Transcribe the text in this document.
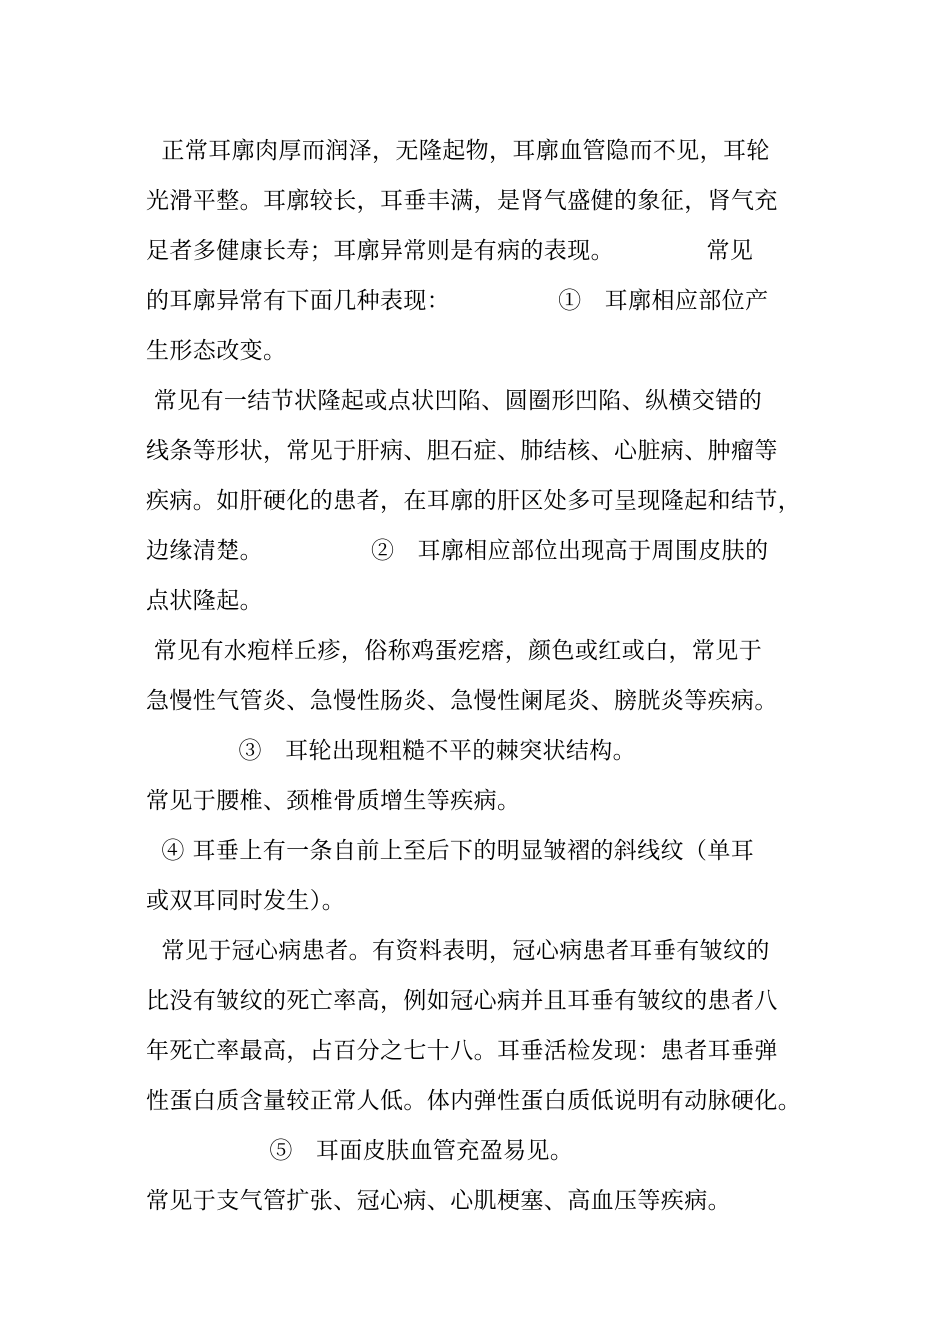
正常耳廓肉厚而润泽，无隆起物，耳廓血管隐而不见，耳轮
光滑平整。耳廓较长，耳垂丰满，是肾气盛健的象征，肾气充
足者多健康长寿；耳廓异常则是有病的表现。            常见
的耳廓异常有下面几种表现：              ①   耳廓相应部位产
生形态改变。
常见有一结节状隆起或点状凹陷、圆圈形凹陷、纵横交错的
线条等形状，常见于肝病、胆石症、肺结核、心脏病、肿瘤等
疾病。如肝硬化的患者，在耳廓的肝区处多可呈现隆起和结节，
边缘清楚。              ②   耳廓相应部位出现高于周围皮肤的
点状隆起。
常见有水疱样丘疹，俗称鸡蛋疙瘩，颜色或红或白，常见于
急慢性气管炎、急慢性肠炎、急慢性阑尾炎、膀胱炎等疾病。
③   耳轮出现粗糙不平的棘突状结构。
常见于腰椎、颈椎骨质增生等疾病。
④ 耳垂上有一条自前上至后下的明显皱褶的斜线纹（单耳
或双耳同时发生）。
常见于冠心病患者。有资料表明，冠心病患者耳垂有皱纹的
比没有皱纹的死亡率高，例如冠心病并且耳垂有皱纹的患者八
年死亡率最高，占百分之七十八。耳垂活检发现：患者耳垂弹
性蛋白质含量较正常人低。体内弹性蛋白质低说明有动脉硬化。
⑤   耳面皮肤血管充盈易见。
常见于支气管扩张、冠心病、心肌梗塞、高血压等疾病。
